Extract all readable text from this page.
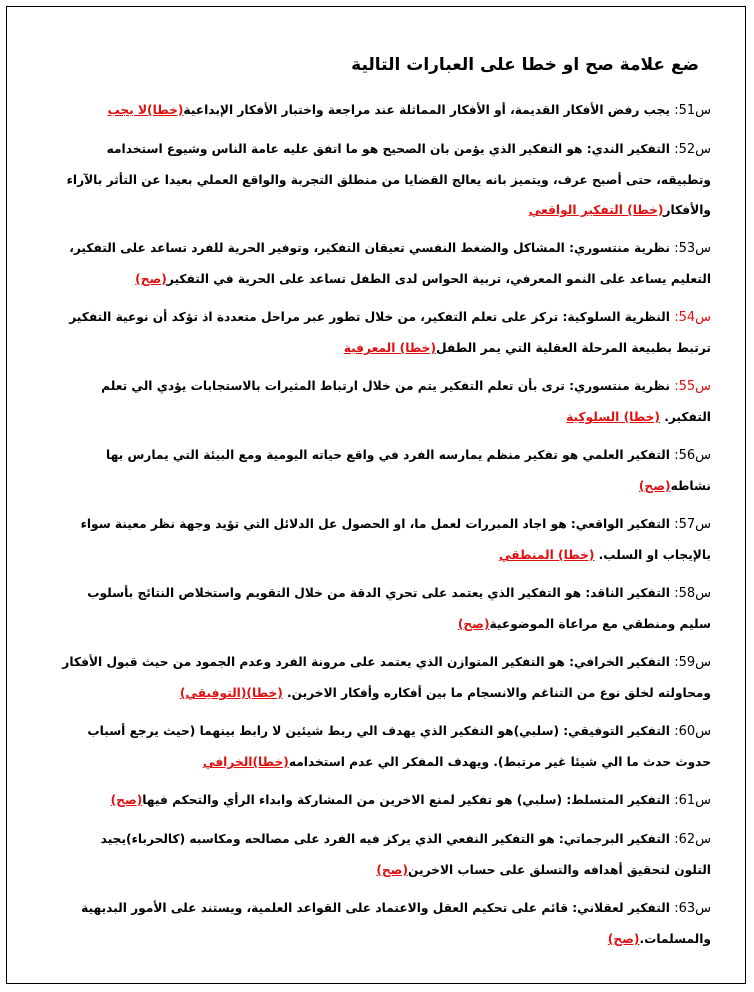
ضع علامة صح او خطا على العبارات التالية

س51: يجب رفض الأفكار القديمة، أو الأفكار المماثلة عند مراجعة واختبار الأفكار الإبداعية(خطا)لا يجب

س52: التفكير الندي: هو التفكير الذي يؤمن بان الصحيح هو ما اتفق عليه عامة الناس وشيوع استخدامه وتطبيقه، حتى أصبح عرف، ويتميز بانه يعالج القضايا من منطلق التجربة والواقع العملي بعيدا عن التأثر بالآراء والأفكار(خطا) التفكير الواقعي

س53: نظرية منتسوري: المشاكل والضغط النفسي تعيقان التفكير، وتوفير الحرية للفرد تساعد على التفكير، التعليم يساعد على النمو المعرفي، تربية الحواس لدى الطفل تساعد على الحرية في التفكير(صح)

س54: النظرية السلوكية: تركز على تعلم التفكير، من خلال تطور عبر مراحل متعددة اذ تؤكد أن نوعية التفكير ترتبط بطبيعة المرحلة العقلية التي يمر الطفل(خطا) المعرفية

س55: نظرية منتسوري: ترى بأن تعلم التفكير يتم من خلال ارتباط المثيرات بالاستجابات يؤدي الي تعلم التفكير. (خطا) السلوكية

س56: التفكير العلمي هو تفكير منظم يمارسه الفرد في واقع حياته اليومية ومع البيئة التي يمارس بها نشاطه(صح)

س57: التفكير الواقعي: هو اجاد المبررات لعمل ما، او الحصول عل الدلائل التي تؤيد وجهة نظر معينة سواء بالإيجاب او السلب. (خطا) المنطقي

س58: التفكير الناقد: هو التفكير الذي يعتمد على تحري الدقة من خلال التقويم واستخلاص النتائج بأسلوب سليم ومنطقي مع مراعاة الموضوعية(صح)

س59: التفكير الخرافي: هو التفكير المتوازن الذي يعتمد على مرونة الفرد وعدم الجمود من حيث قبول الأفكار ومحاولته لخلق نوع من التناغم والانسجام ما بين أفكاره وأفكار الاخرين. (خطا)(التوفيقي)

س60: التفكير التوفيقي: (سلبي)هو التفكير الذي يهدف الي ربط شيئين لا رابط بينهما (حيث يرجع أسباب حدوث حدث ما الي شيئا غير مرتبط). ويهدف المفكر الي عدم استخدامه(خطا)الخرافي

س61: التفكير المتسلط: (سلبي) هو تفكير لمنع الاخرين من المشاركة وابداء الرأي والتحكم فيها(صح)

س62: التفكير البرجماتي: هو التفكير النفعي الذي يركز فيه الفرد على مصالحه ومكاسبه (كالحرباء)يجيد التلون لتحقيق أهدافه والتسلق على حساب الاخرين(صح)

س63: التفكير لعقلاني: قائم على تحكيم العقل والاعتماد على القواعد العلمية، ويستند على الأمور البديهية والمسلمات.(صح)
